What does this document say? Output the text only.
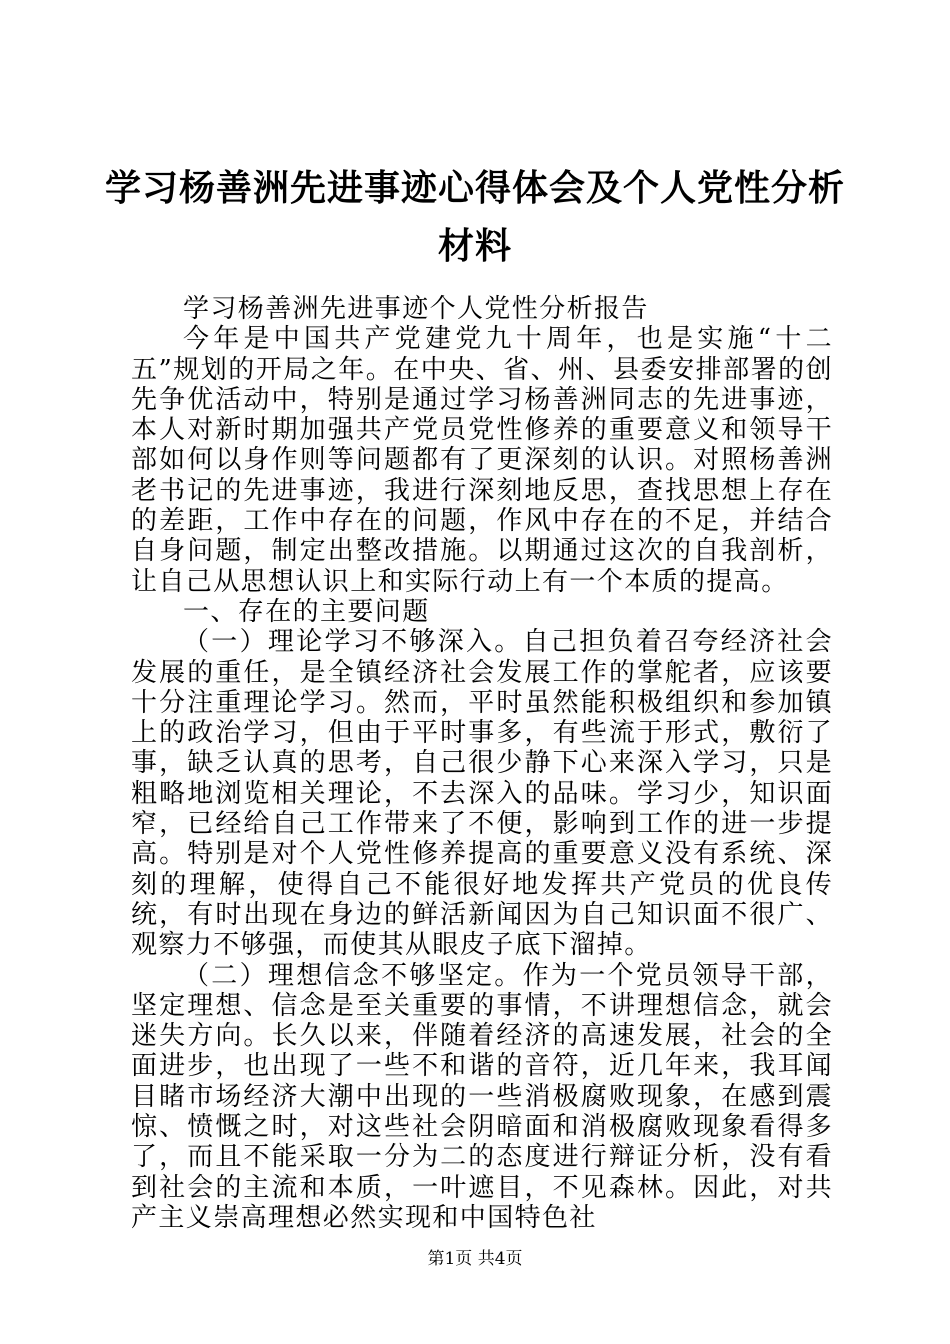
学习杨善洲先进事迹心得体会及个人党性分析
材料

学习杨善洲先进事迹个人党性分析报告

今年是中国共产党建党九十周年，也是实施“十二五”规划的开局之年。在中央、省、州、县委安排部署的创先争优活动中，特别是通过学习杨善洲同志的先进事迹，本人对新时期加强共产党员党性修养的重要意义和领导干部如何以身作则等问题都有了更深刻的认识。对照杨善洲老书记的先进事迹，我进行深刻地反思，查找思想上存在的差距，工作中存在的问题，作风中存在的不足，并结合自身问题，制定出整改措施。以期通过这次的自我剖析，让自己从思想认识上和实际行动上有一个本质的提高。

一、存在的主要问题

（一）理论学习不够深入。自己担负着召夸经济社会发展的重任，是全镇经济社会发展工作的掌舵者，应该要十分注重理论学习。然而，平时虽然能积极组织和参加镇上的政治学习，但由于平时事多，有些流于形式，敷衍了事，缺乏认真的思考，自己很少静下心来深入学习，只是粗略地浏览相关理论，不去深入的品味。学习少，知识面窄，已经给自己工作带来了不便，影响到工作的进一步提高。特别是对个人党性修养提高的重要意义没有系统、深刻的理解，使得自己不能很好地发挥共产党员的优良传统，有时出现在身边的鲜活新闻因为自己知识面不很广、观察力不够强，而使其从眼皮子底下溜掉。

（二）理想信念不够坚定。作为一个党员领导干部，坚定理想、信念是至关重要的事情，不讲理想信念，就会迷失方向。长久以来，伴随着经济的高速发展，社会的全面进步，也出现了一些不和谐的音符，近几年来，我耳闻目睹市场经济大潮中出现的一些消极腐败现象，在感到震惊、愤慨之时，对这些社会阴暗面和消极腐败现象看得多了，而且不能采取一分为二的态度进行辩证分析，没有看到社会的主流和本质，一叶遮目，不见森林。因此，对共产主义崇高理想必然实现和中国特色社

第1页 共4页
